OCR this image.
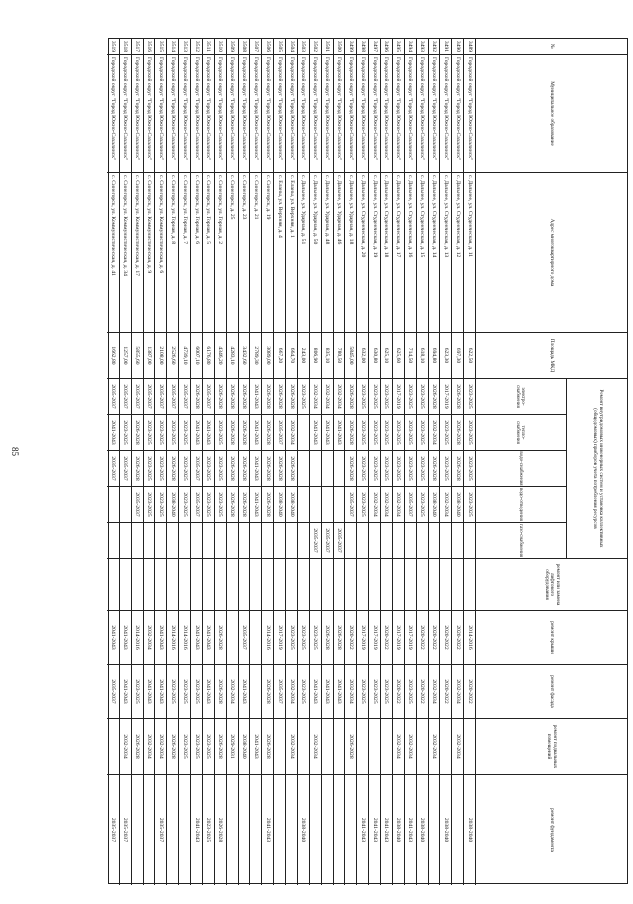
85
№
Муниципальное образование
Адрес многоквартирного дома
Площадь МКД
Ремонт внутридомовых инженерных систем и установка коллективных (общедомовых) приборов учета потребления ресурсов
электро-снабжения
тепло-снабжения
водо-снабжения
водо-отведения
газо-снабжения
ремонт или замена лифтового оборудования
ремонт крыши
ремонт фасада
ремонт подвальных помещений
ремонт фундамента
3489
Городской округ "Город Южно-Сахалинск"
с. Дальнее, ул. Студенческая, д. 11
622,50
2023-2025
2023-2025
2023-2025
2023-2025
2014-2016
2020-2022
2038-2040
3490
Городской округ "Город Южно-Сахалинск"
с. Дальнее, ул. Студенческая, д. 12
697,30
2026-2028
2026-2028
2026-2028
2038-2040
2020-2022
2032-2034
2032-2034
3491
Городской округ "Город Южно-Сахалинск"
с. Дальнее, ул. Студенческая, д. 13
623,30
2017-2019
2023-2025
2023-2025
2032-2034
2020-2022
2020-2022
2038-2040
3492
Городской округ "Город Южно-Сахалинск"
с. Дальнее, ул. Студенческая, д. 14
694,80
2026-2028
2032-2034
2026-2028
2038-2040
2020-2022
2032-2034
2032-2034
3493
Городской округ "Город Южно-Сахалинск"
с. Дальнее, ул. Студенческая, д. 15
618,10
2023-2025
2023-2025
2023-2025
2023-2025
2020-2022
2020-2022
2038-2040
3494
Городской округ "Город Южно-Сахалинск"
с. Дальнее, ул. Студенческая, д. 16
714,50
2023-2025
2023-2025
2023-2025
2035-2037
2017-2019
2023-2025
2032-2034
2041-2043
3495
Городской округ "Город Южно-Сахалинск"
с. Дальнее, ул. Студенческая, д. 17
625,60
2017-2019
2023-2025
2023-2025
2032-2034
2017-2019
2020-2022
2032-2034
2038-2040
3496
Городской округ "Город Южно-Сахалинск"
с. Дальнее, ул. Студенческая, д. 18
625,10
2023-2025
2023-2025
2023-2025
2032-2034
2020-2022
2023-2025
2041-2043
3497
Городской округ "Город Южно-Сахалинск"
с. Дальнее, ул. Студенческая, д. 19
630,80
2023-2025
2023-2025
2023-2025
2032-2034
2017-2019
2023-2025
2041-2043
3498
Городской округ "Город Южно-Сахалинск"
с. Дальнее, ул. Студенческая, д. 20
632,00
2023-2025
2023-2025
2023-2025
2023-2025
2017-2019
2023-2025
2041-2043
3499
Городской округ "Город Южно-Сахалинск"
с. Дальнее, ул. Ударная, д. 18
5845,00
2026-2028
2026-2028
2026-2028
2035-2037
2020-2022
2032-2034
2026-2028
3500
Городской округ "Город Южно-Сахалинск"
с. Дальнее, ул. Ударная, д. 46
780,50
2032-2034
2041-2043
2035-2037
2026-2028
2041-2043
3501
Городской округ "Город Южно-Сахалинск"
с. Дальнее, ул. Ударная, д. 48
835,10
2032-2034
2041-2043
2035-2037
2026-2028
2041-2043
3502
Городской округ "Город Южно-Сахалинск"
с. Дальнее, ул. Ударная, д. 50
806,90
2032-2034
2041-2043
2035-2037
2023-2025
2041-2043
2032-2034
3503
Городской округ "Город Южно-Сахалинск"
с. Дальнее, ул. Ударная, д. 51
243,00
2023-2025
2023-2025
2023-2025
2038-2040
3504
Городской округ "Город Южно-Сахалинск"
с. Еланы, ул. Верхняя, д. 1
664,70
2026-2028
2032-2034
2026-2028
2038-2040
2023-2025
2032-2034
2032-2034
3505
Городской округ "Город Южно-Сахалинск"
с. Еланы, ул. Верхняя, д. 4
667,20
2026-2028
2035-2037
2026-2028
2038-2040
2017-2019
2035-2037
3506
Городской округ "Город Южно-Сахалинск"
с. Синегорск, д. 19
3089,00
2026-2028
2026-2028
2026-2028
2026-2028
2014-2016
2026-2028
2026-2028
2041-2043
3507
Городской округ "Город Южно-Сахалинск"
с. Синегорск, д. 21
2789,30
2041-2043
2041-2043
2041-2043
2041-2043
2041-2043
3508
Городской округ "Город Южно-Сахалинск"
с. Синегорск, д. 23
3432,60
2026-2028
2026-2028
2026-2028
2026-2028
2035-2037
2041-2043
2038-2040
3509
Городской округ "Город Южно-Сахалинск"
с. Синегорск, д. 25
4283,10
2026-2028
2026-2028
2026-2028
2026-2028
2032-2034
2029-2031
3510
Городской округ "Город Южно-Сахалинск"
с. Синегорск, ул. Горная, д. 2
4346,20
2026-2028
2023-2025
2023-2025
2023-2025
2026-2028
2026-2028
2026-2028
2026-2028
3511
Городской округ "Город Южно-Сахалинск"
с. Синегорск, ул. Горная, д. 5
6176,80
2035-2037
2041-2043
2023-2025
2023-2025
2041-2043
2041-2043
2023-2025
2023-2025
3512
Городской округ "Город Южно-Сахалинск"
с. Синегорск, ул. Горная, д. 6
6007,10
2026-2028
2041-2043
2035-2037
2035-2037
2041-2043
2023-2025
2023-2025
2041-2043
3513
Городской округ "Город Южно-Сахалинск"
с. Синегорск, ул. Горная, д. 7
4739,10
2035-2037
2023-2025
2023-2025
2023-2025
2014-2016
2023-2025
2023-2025
3514
Городской округ "Город Южно-Сахалинск"
с. Синегорск, ул. Горная, д. 8
2526,60
2035-2037
2023-2025
2026-2028
2038-2040
2014-2016
2023-2025
2026-2028
3515
Городской округ "Город Южно-Сахалинск"
с. Синегорск, ул. Коммунистическая, д. 6
2108,00
2035-2037
2023-2025
2023-2025
2023-2025
2041-2043
2041-2043
2032-2034
2035-2037
3516
Городской округ "Город Южно-Сахалинск"
с. Синегорск, ул. Коммунистическая, д. 9
1387,00
2035-2037
2023-2025
2023-2025
2023-2025
2032-2034
2041-2043
2032-2034
3517
Городской округ "Город Южно-Сахалинск"
с. Синегорск, ул. Коммунистическая, д. 17
5855,60
2035-2037
2026-2028
2026-2028
2035-2037
2014-2016
2023-2025
2026-2028
3518
Городской округ "Город Южно-Сахалинск"
с. Синегорск, ул. Коммунистическая, д. 34
1257,00
2035-2037
2023-2025
2035-2037
2041-2043
2041-2043
2032-2034
2035-2037
3519
Городской округ "Город Южно-Сахалинск"
с. Синегорск, ул. Коммунистическая, д. 41
1662,80
2035-2037
2041-2043
2035-2037
2041-2043
2035-2037
2035-2037
